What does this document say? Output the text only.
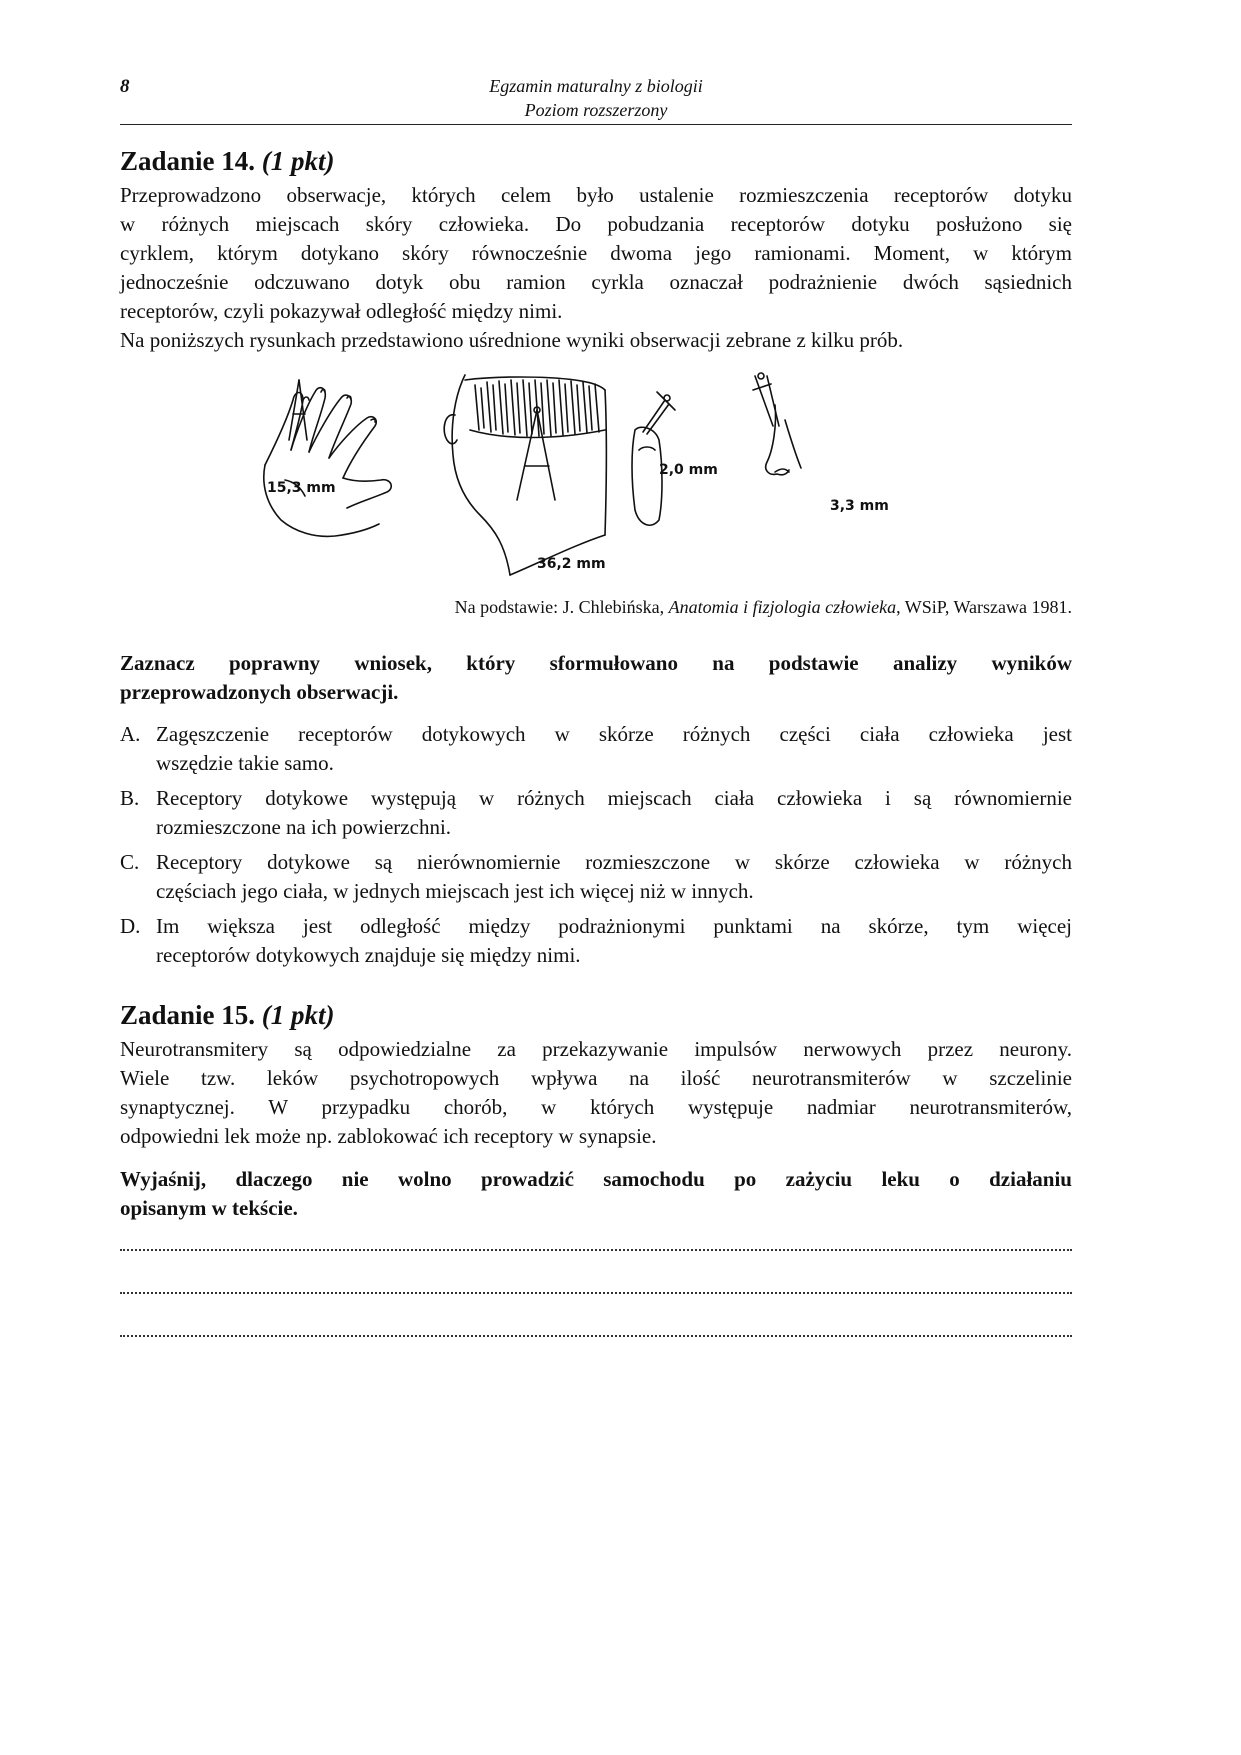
8	Egzamin maturalny z biologii
Poziom rozszerzony
Zadanie 14. (1 pkt)

Przeprowadzono obserwacje, których celem było ustalenie rozmieszczenia receptorów dotyku
w różnych miejscach skóry człowieka. Do pobudzania receptorów dotyku posłużono się
cyrklem, którym dotykano skóry równocześnie dwoma jego ramionami. Moment, w którym
jednocześnie odczuwano dotyk obu ramion cyrkla oznaczał podrażnienie dwóch sąsiednich
receptorów, czyli pokazywał odległość między nimi.
Na poniższych rysunkach przedstawiono uśrednione wyniki obserwacji zebrane z kilku prób.

15,3 mm
36,2 mm
2,0 mm
3,3 mm
Na podstawie: J. Chlebińska, Anatomia i fizjologia człowieka, WSiP, Warszawa 1981.

Zaznacz poprawny wniosek, który sformułowano na podstawie analizy wyników
przeprowadzonych obserwacji.

A. Zagęszczenie receptorów dotykowych w skórze różnych części ciała człowieka jest
wszędzie takie samo.
B. Receptory dotykowe występują w różnych miejscach ciała człowieka i są równomiernie
rozmieszczone na ich powierzchni.
C. Receptory dotykowe są nierównomiernie rozmieszczone w skórze człowieka w różnych
częściach jego ciała, w jednych miejscach jest ich więcej niż w innych.
D. Im większa jest odległość między podrażnionymi punktami na skórze, tym więcej
receptorów dotykowych znajduje się między nimi.
Zadanie 15. (1 pkt)

Neurotransmitery są odpowiedzialne za przekazywanie impulsów nerwowych przez neurony.
Wiele tzw. leków psychotropowych wpływa na ilość neurotransmiterów w szczelinie
synaptycznej. W przypadku chorób, w których występuje nadmiar neurotransmiterów,
odpowiedni lek może np. zablokować ich receptory w synapsie.

Wyjaśnij, dlaczego nie wolno prowadzić samochodu po zażyciu leku o działaniu
opisanym w tekście.
